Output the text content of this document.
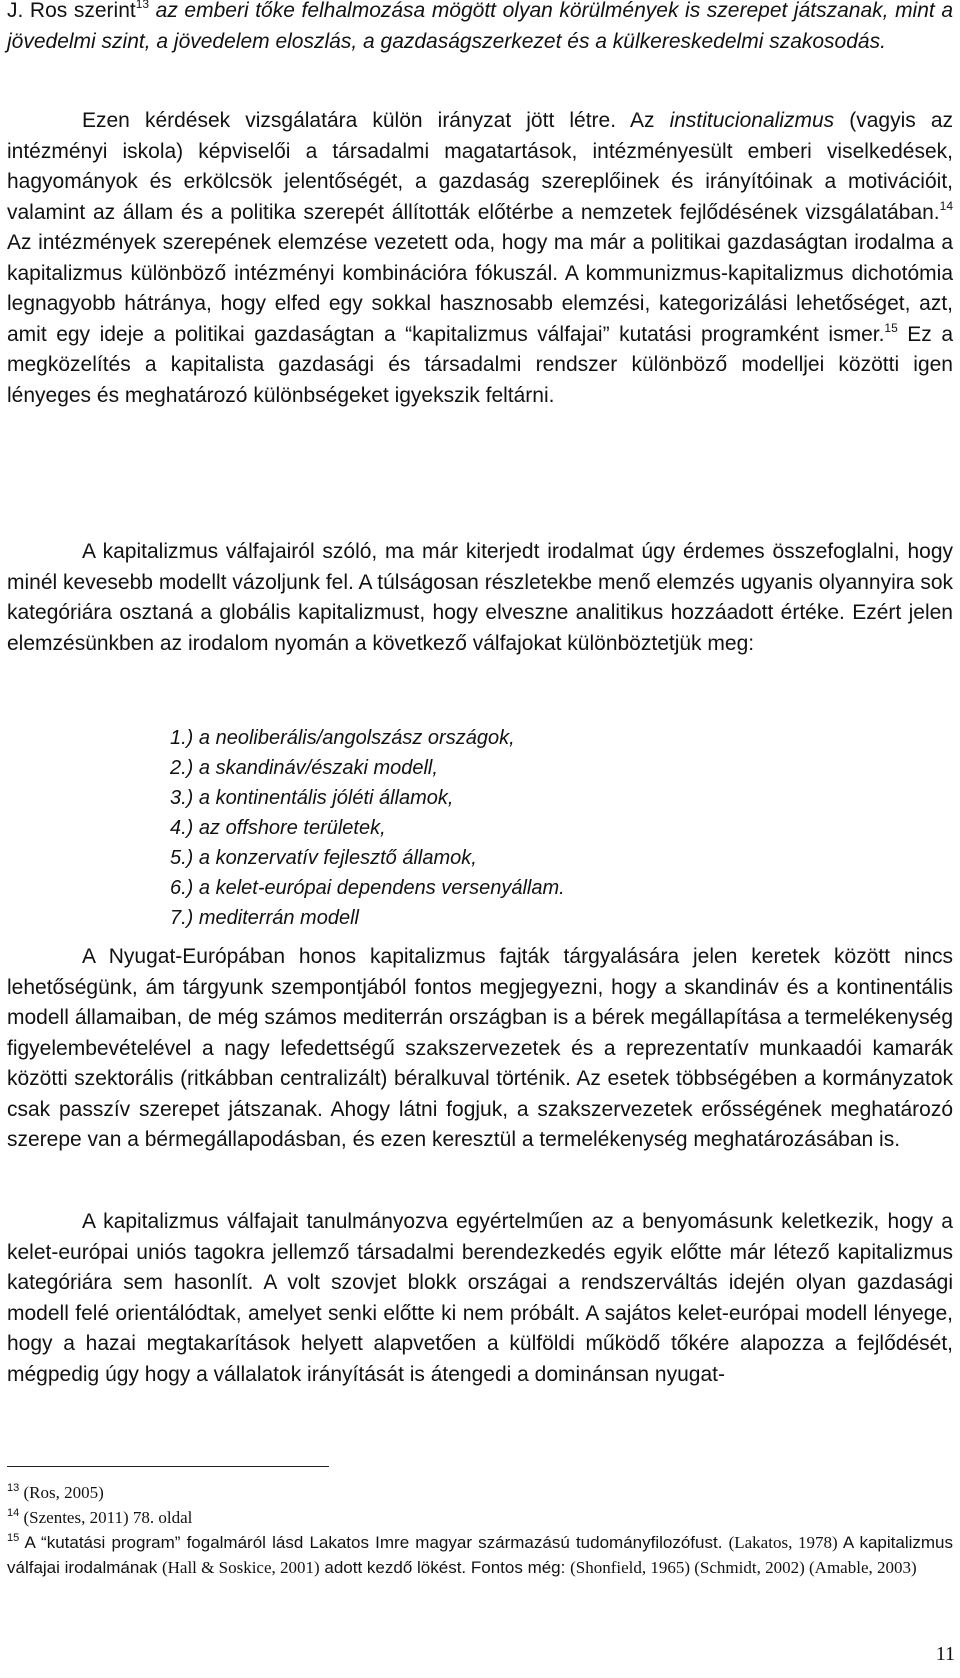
J. Ros szerint$^{13}$ az emberi tőke felhalmozása mögött olyan körülmények is szerepet játszanak, mint a jövedelmi szint, a jövedelem eloszlás, a gazdaságszerkezet és a külkereskedelmi szakosodás.

Ezen kérdések vizsgálatára külön irányzat jött létre. Az institucionalizmus (vagyis az intézményi iskola) képviselői a társadalmi magatartások, intézményesült emberi viselkedések, hagyományok és erkölcsök jelentőségét, a gazdaság szereplőinek és irányítóinak a motivációit, valamint az állam és a politika szerepét állították előtérbe a nemzetek fejlődésének vizsgálatában.$^{14}$ Az intézmények szerepének elemzése vezetett oda, hogy ma már a politikai gazdaságtan irodalma a kapitalizmus különböző intézményi kombinációra fókuszál. A kommunizmus-kapitalizmus dichotómia legnagyobb hátránya, hogy elfed egy sokkal hasznosabb elemzési, kategorizálási lehetőséget, azt, amit egy ideje a politikai gazdaságtan a “kapitalizmus válfajai” kutatási programként ismer.$^{15}$ Ez a megközelítés a kapitalista gazdasági és társadalmi rendszer különböző modelljei közötti igen lényeges és meghatározó különbségeket igyekszik feltárni.

A kapitalizmus válfajairól szóló, ma már kiterjedt irodalmat úgy érdemes összefoglalni, hogy minél kevesebb modellt vázoljunk fel. A túlságosan részletekbe menő elemzés ugyanis olyannyira sok kategóriára osztaná a globális kapitalizmust, hogy elveszne analitikus hozzáadott értéke. Ezért jelen elemzésünkben az irodalom nyomán a következő válfajokat különböztetjük meg:

1.) a neoliberális/angolszász országok,
2.) a skandináv/északi modell,
3.) a kontinentális jóléti államok,
4.) az offshore területek,
5.) a konzervatív fejlesztő államok,
6.) a kelet-európai dependens versenyállam.
7.) mediterrán modell

A Nyugat-Európában honos kapitalizmus fajták tárgyalására jelen keretek között nincs lehetőségünk, ám tárgyunk szempontjából fontos megjegyezni, hogy a skandináv és a kontinentális modell államaiban, de még számos mediterrán országban is a bérek megállapítása a termelékenység figyelembevételével a nagy lefedettségű szakszervezetek és a reprezentatív munkaadói kamarák közötti szektorális (ritkábban centralizált) béralkuval történik. Az esetek többségében a kormányzatok csak passzív szerepet játszanak. Ahogy látni fogjuk, a szakszervezetek erősségének meghatározó szerepe van a bérmegállapodásban, és ezen keresztül a termelékenység meghatározásában is.

A kapitalizmus válfajait tanulmányozva egyértelműen az a benyomásunk keletkezik, hogy a kelet-európai uniós tagokra jellemző társadalmi berendezkedés egyik előtte már létező kapitalizmus kategóriára sem hasonlít. A volt szovjet blokk országai a rendszerváltás idején olyan gazdasági modell felé orientálódtak, amelyet senki előtte ki nem próbált. A sajátos kelet-európai modell lényege, hogy a hazai megtakarítások helyett alapvetően a külföldi működő tőkére alapozza a fejlődését, mégpedig úgy hogy a vállalatok irányítását is átengedi a dominánsan nyugat-

$^{13}$ (Ros, 2005)

$^{14}$ (Szentes, 2011) 78. oldal

$^{15}$ A “kutatási program” fogalmáról lásd Lakatos Imre magyar származású tudományfilozófust. (Lakatos, 1978) A kapitalizmus válfajai irodalmának (Hall & Soskice, 2001) adott kezdő lökést. Fontos még: (Shonfield, 1965) (Schmidt, 2002) (Amable, 2003)

11
